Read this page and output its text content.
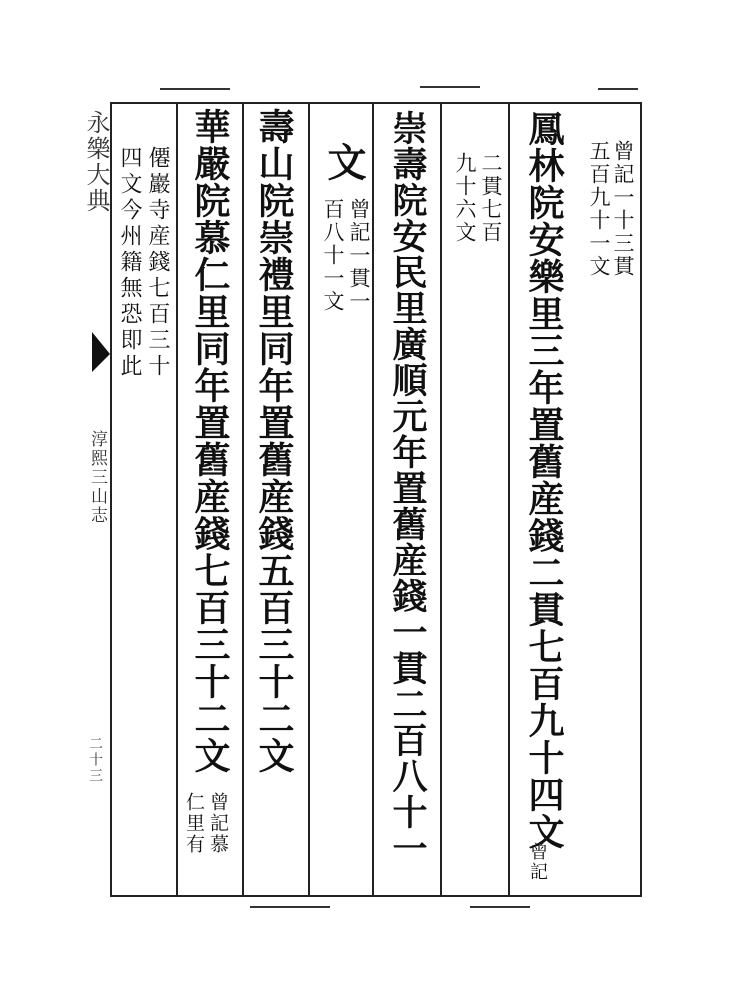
永樂大典
淳熙三山志
二十三	鳳林院安樂里三年置舊産錢二貫七百九十四文 曾記一十三貫
五百九十一文
曾記
二貫七百
九十六文
崇壽院安民里廣順元年置舊産錢一貫二百八十一
文
曾記一貫一
百八十一文
壽山院崇禮里同年置舊産錢五百三十二文
華嚴院慕仁里同年置舊産錢七百三十二文
曾記慕
仁里有
僊巖寺産錢七百三十
四文今州籍無恐即此
